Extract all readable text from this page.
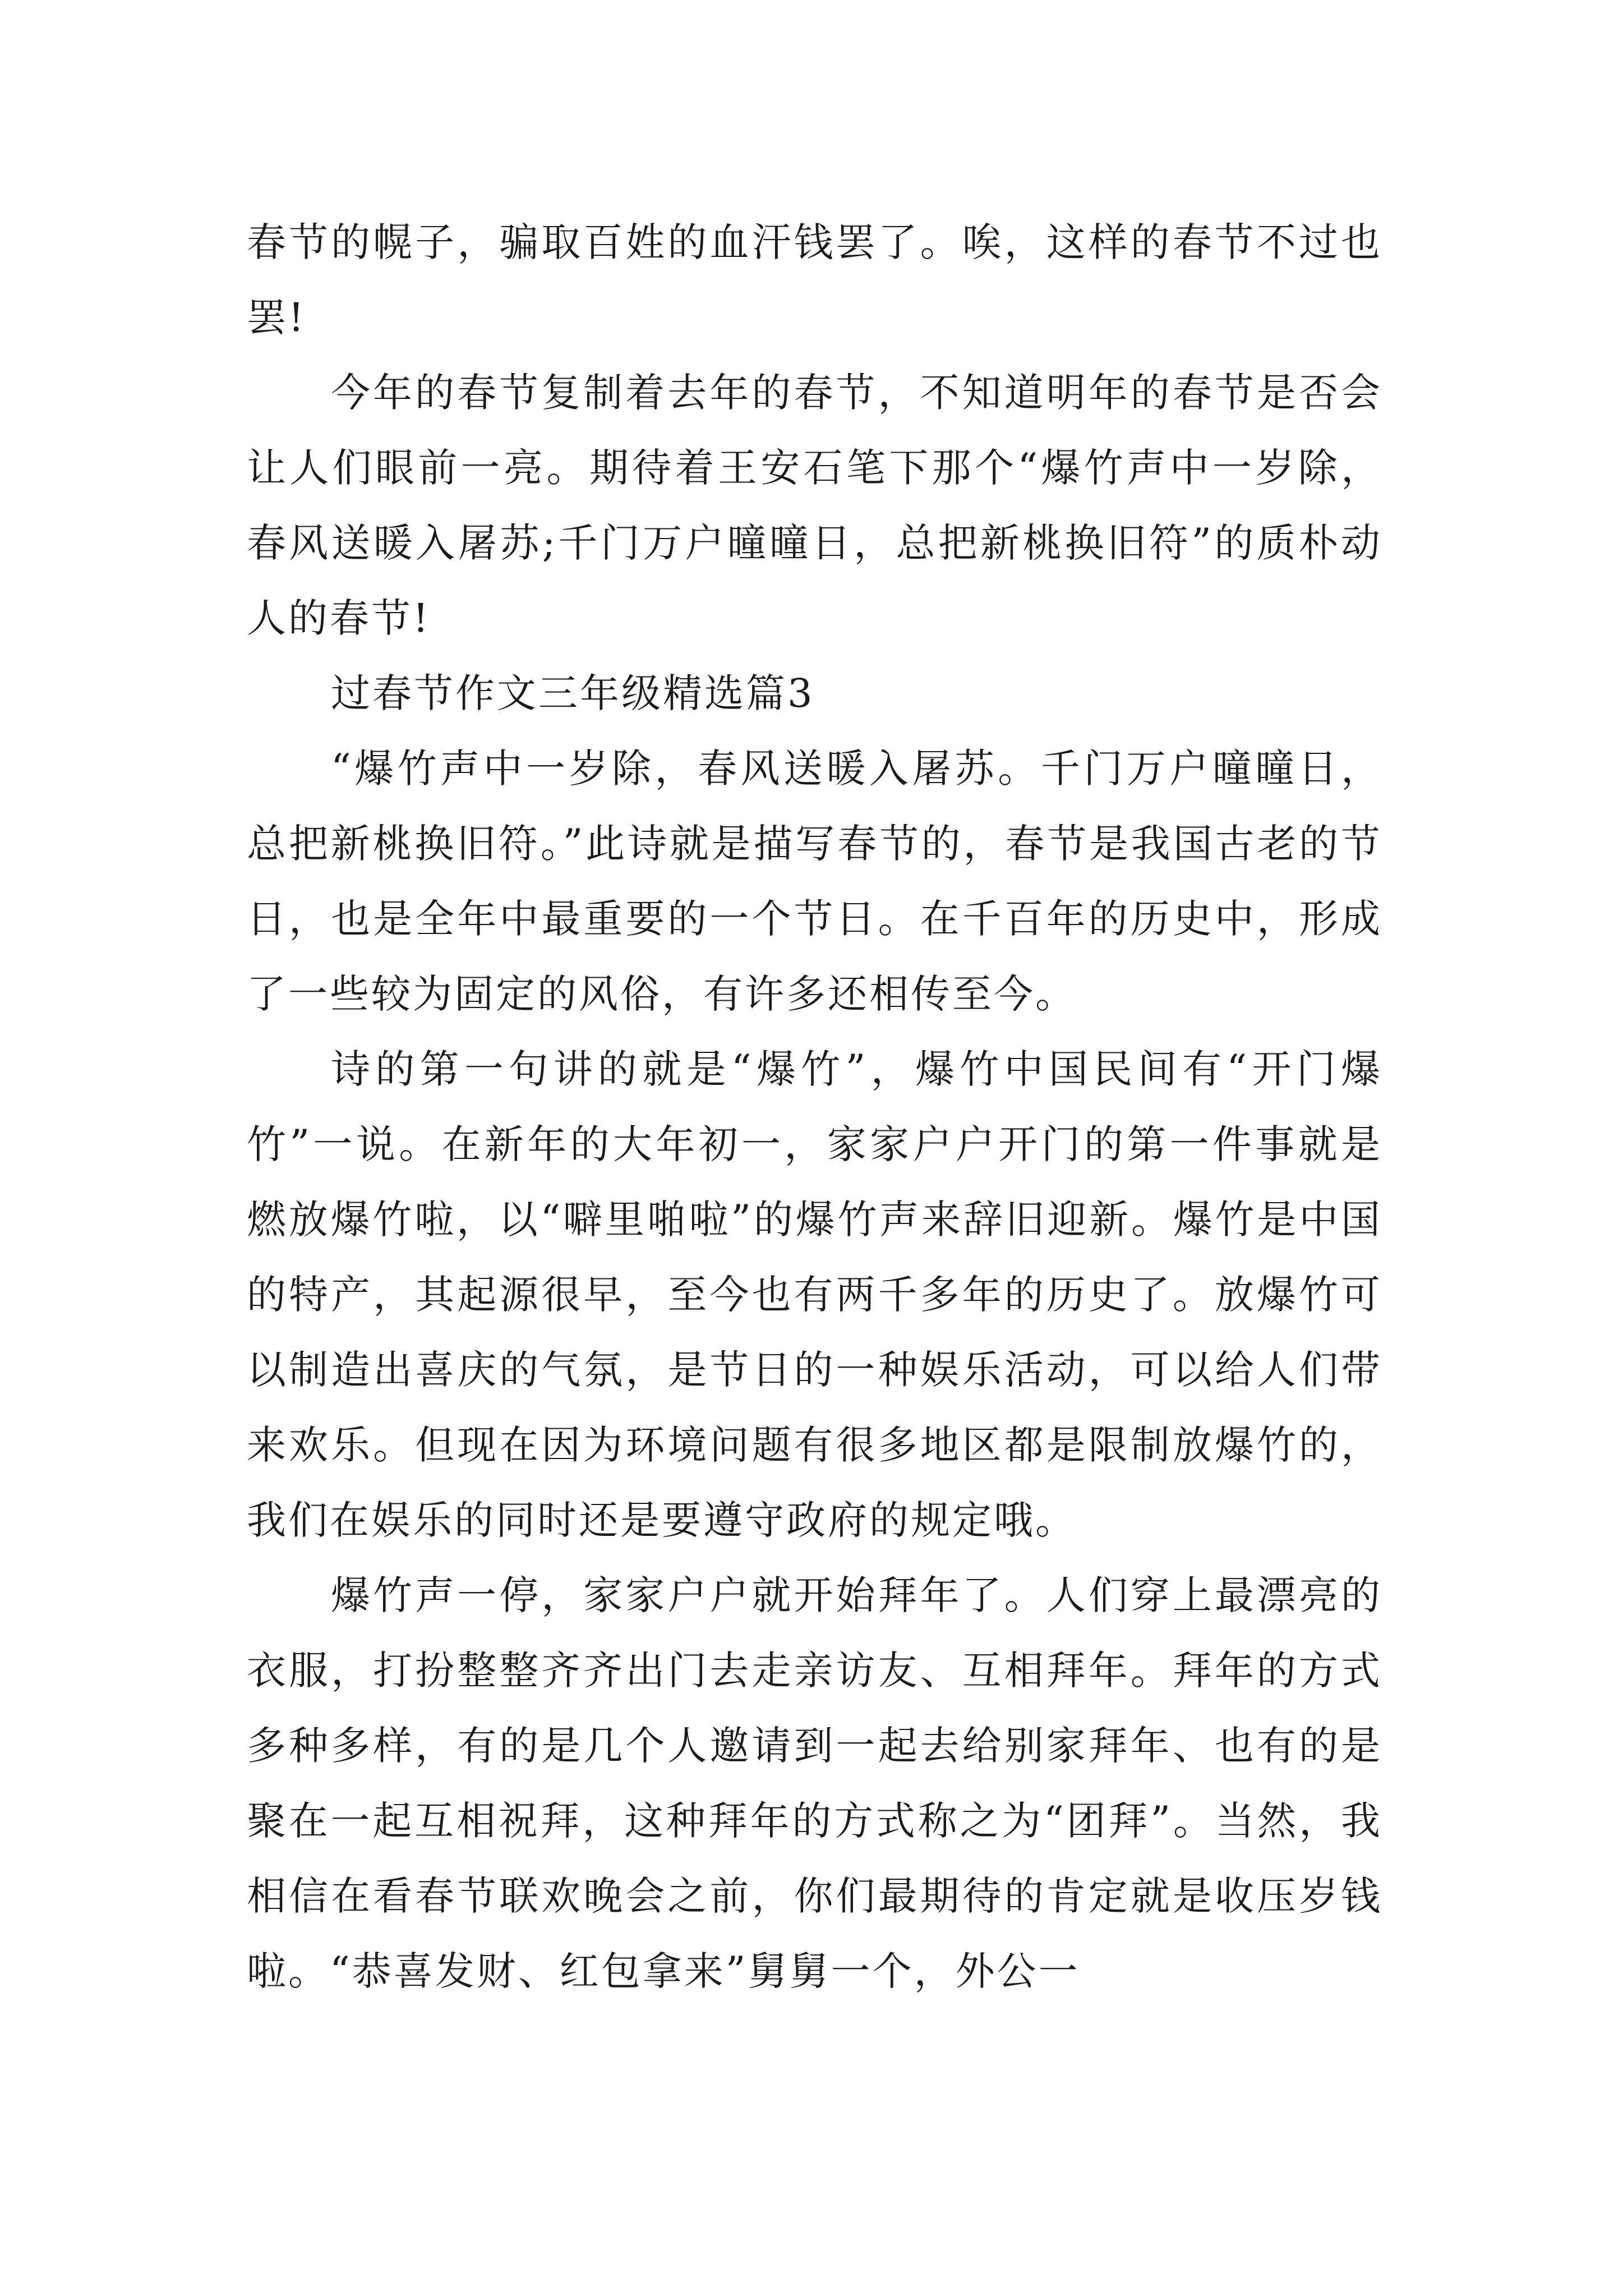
春节的幌子，骗取百姓的血汗钱罢了。唉，这样的春节不过也罢!

今年的春节复制着去年的春节，不知道明年的春节是否会让人们眼前一亮。期待着王安石笔下那个“爆竹声中一岁除，春风送暖入屠苏;千门万户曈曈日，总把新桃换旧符”的质朴动人的春节!

过春节作文三年级精选篇3

“爆竹声中一岁除，春风送暖入屠苏。千门万户曈曈日，总把新桃换旧符。”此诗就是描写春节的，春节是我国古老的节日，也是全年中最重要的一个节日。在千百年的历史中，形成了一些较为固定的风俗，有许多还相传至今。

诗的第一句讲的就是“爆竹”，爆竹中国民间有“开门爆竹”一说。在新年的大年初一，家家户户开门的第一件事就是燃放爆竹啦，以“噼里啪啦”的爆竹声来辞旧迎新。爆竹是中国的特产，其起源很早，至今也有两千多年的历史了。放爆竹可以制造出喜庆的气氛，是节日的一种娱乐活动，可以给人们带来欢乐。但现在因为环境问题有很多地区都是限制放爆竹的，我们在娱乐的同时还是要遵守政府的规定哦。

爆竹声一停，家家户户就开始拜年了。人们穿上最漂亮的衣服，打扮整整齐齐出门去走亲访友、互相拜年。拜年的方式多种多样，有的是几个人邀请到一起去给别家拜年、也有的是聚在一起互相祝拜，这种拜年的方式称之为“团拜”。当然，我相信在看春节联欢晚会之前，你们最期待的肯定就是收压岁钱啦。“恭喜发财、红包拿来”舅舅一个，外公一
